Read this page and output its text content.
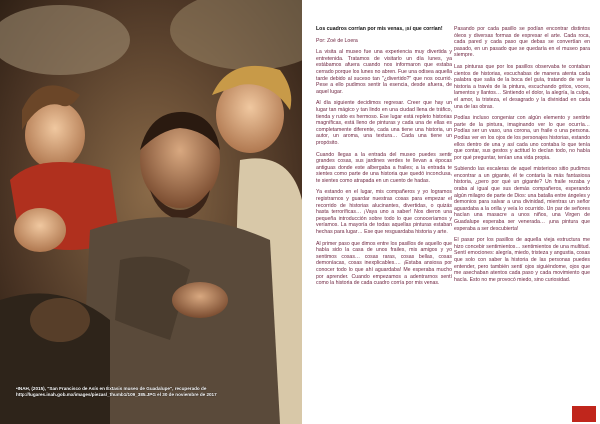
•INAH, (2015), "San Francisco de Asís en Éxtasis museo de Guadalupe", recuperado de http://lugares.inah.gob.mx/images/piezas/_thumb1/109_385.JPG el 30 de noviembre de 2017

Los cuadros corrían por mis venas, ¡sí que corrían!

Por: Zoé de Loera

La visita al museo fue una experiencia muy divertida y entretenida. Tratamos de visitarlo un día lunes, ya estábamos afuera cuando nos informaron que estaba cerrado porque los lunes no abren. Fue una odisea aquella tarde debido al suceso tan "¿divertido?" que nos ocurrió. Pese a ello pudimos sentir la esencia, desde afuera, de aquel lugar.

Al día siguiente decidimos regresar. Creer que hay un lugar tan mágico y tan lindo en una ciudad llena de tráfico, tienda y ruido es hermoso. Ese lugar está repleto historias magníficas, está lleno de pinturas y cada una de ellas es completamente diferente, cada una tiene una historia, un autor, un aroma, una textura… Cada una tiene un propósito.

Cuando llegas a la entrada del museo puedes sentir grandes cosas, sus jardines verdes te llevan a épocas antiguas donde este albergaba a frailes; a la entrada te sientes como parte de una historia que quedó inconclusa, te sientes como atrapada en un cuento de hadas.

Ya estando en el lugar, mis compañeros y yo logramos registrarnos y guardar nuestras cosas para empezar el recorrido de historias alucinantes, divertidas, o quizás hasta terroríficas… ¡Vaya uno a saber! Nos dieron una pequeña introducción sobre todo lo que conoceríamos y veríamos. La mayoría de todas aquellas pinturas estaban hechas para lugar… Ese que resguardaba historia y arte.

Al primer paso que dimos entre los pasillos de aquello que había sido la casa de unos frailes, mis amigos y yo sentimos cosas… cosas raras, cosas bellas, cosas demoníacas, cosas inexplicables.… ¡Estaba ansiosa por conocer todo lo que ahí aguardaba! Me esperaba mucho por aprender. Cuando empezamos a adentrarnos sentí como la historia de cada cuadro corría por mis venas.

Pasando por cada pasillo se podían encontrar distintos óleos y diversas formas de expresar el arte. Cada roca, cada pared y cada paso que debas se convertían en pasado, en un pasado que se quedaría en el museo para siempre.

Las pinturas que por los pasillos observaba te contaban cientos de historias, escuchabas de manera atenta cada palabra que salía de la boca del guía, tratando de ver la historia a través de la pintura, escuchando gritos, voces, lamentos y llantos… Sintiendo el dolor, la alegría, la culpa, el amor, la tristeza, el desagrado y la divinidad en cada una de las obras.

Podías incluso congeniar con algún elemento y sentirte parte de la pintura, imaginando ver lo que ocurría… Podías ser un vaso, una corona, un fraile o una persona. Podías ver en los ojos de los personajes historias, estando ellos dentro de una y así cada uno contaba lo que tenía que contar, sus gestos y actitud lo decían todo, no había por qué preguntar, tenían una vida propia.

Subiendo las escaleras de aquel misterioso sitio pudimos encontrar a un gigante, él te contaría la más fantasiosa historia, ¿pero por qué un gigante? Un fraile rezaba y oraba al igual que sus demás compañeros, esperando algún milagro de parte de Dios: una batalla entre ángeles y demonios para salvar a una divinidad, mientras un señor aguardaba a la orilla y veía lo ocurrido. Un par de señores hacían una masacre a unos niños, una Virgen de Guadalupe esperaba ser venerada… ¡una pintura que esperaba a ser descubierta!

El pasar por los pasillos de aquella vieja estructura me hizo concebir sentimientos… sentimientos de una multitud. Sentí emociones: alegría, miedo, tristeza y angustia, cosas que solo con saber la historia de las personas puedes entender, pero también sentí ojos siguiéndome, ojos que me asechaban atentos cada paso y cada movimiento que hacía. Esto no me provocó miedo, sino curiosidad.
